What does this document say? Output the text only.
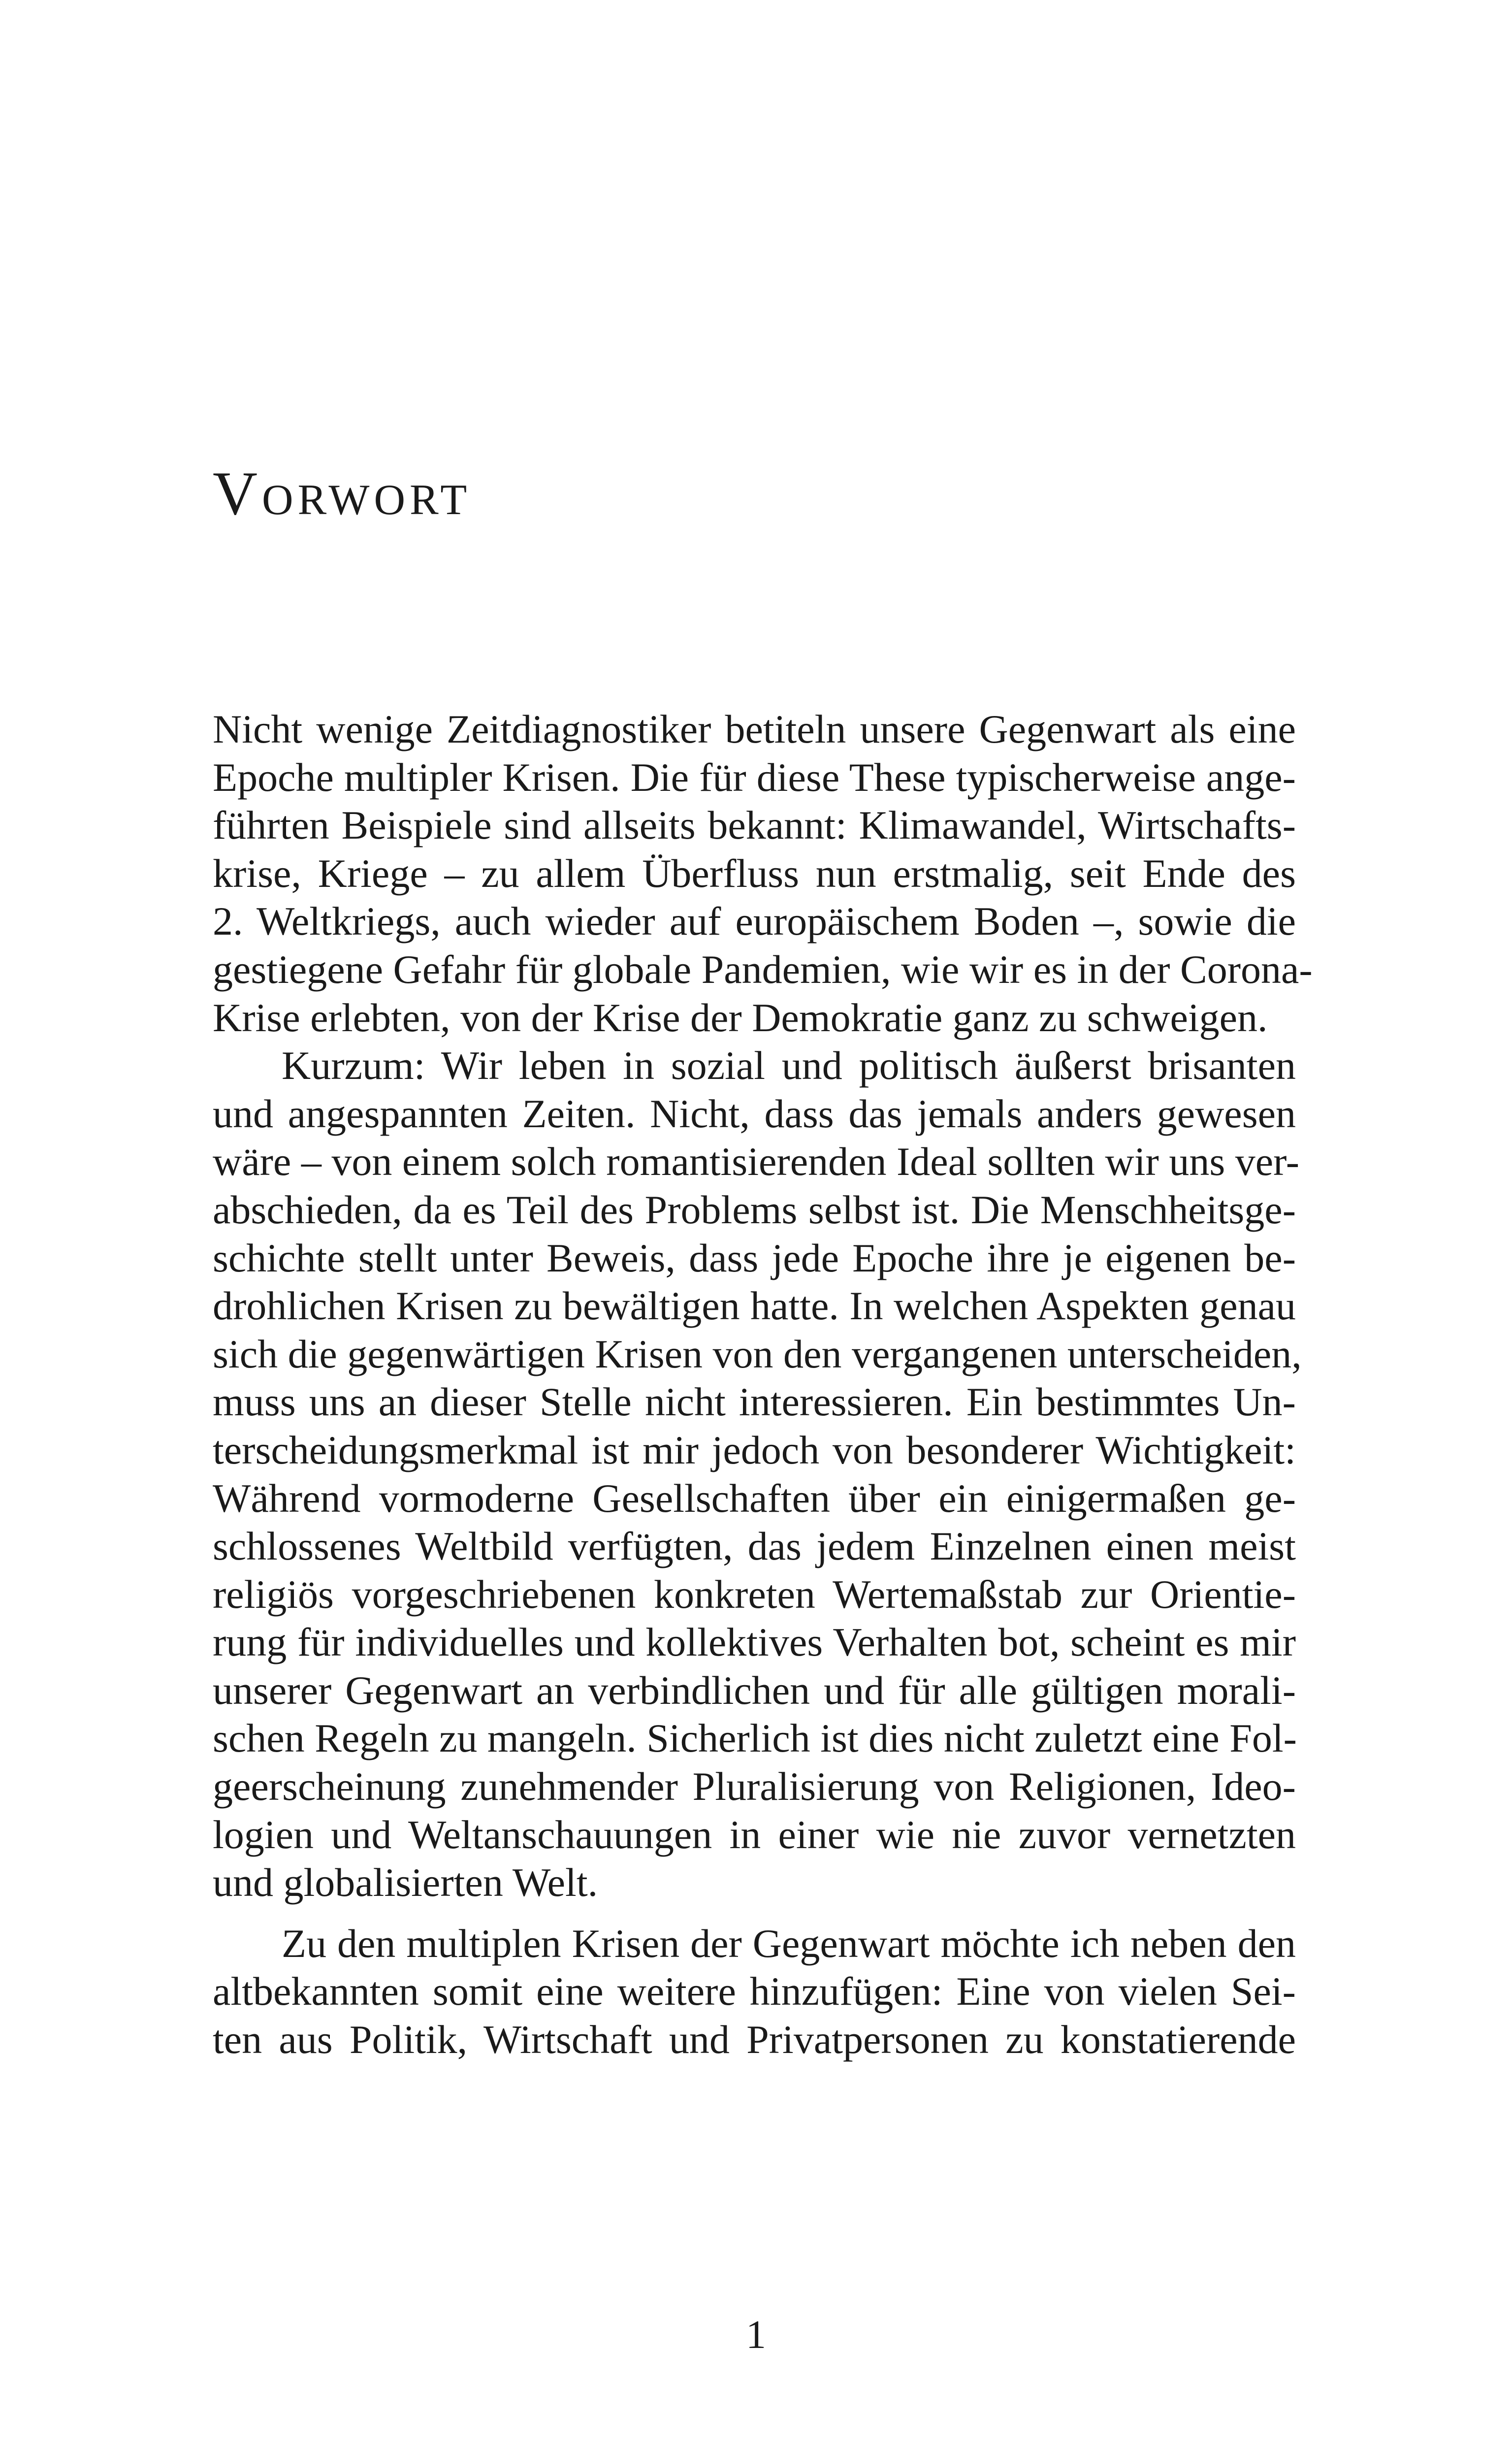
Vorwort
Nicht wenige Zeitdiagnostiker betiteln unsere Gegenwart als eine
Epoche multipler Krisen. Die für diese These typischerweise ange-
führten Beispiele sind allseits bekannt: Klimawandel, Wirtschafts-
krise, Kriege – zu allem Überfluss nun erstmalig, seit Ende des
2. Weltkriegs, auch wieder auf europäischem Boden –, sowie die
gestiegene Gefahr für globale Pandemien, wie wir es in der Corona-
Krise erlebten, von der Krise der Demokratie ganz zu schweigen.
Kurzum: Wir leben in sozial und politisch äußerst brisanten
und angespannten Zeiten. Nicht, dass das jemals anders gewesen
wäre – von einem solch romantisierenden Ideal sollten wir uns ver-
abschieden, da es Teil des Problems selbst ist. Die Menschheitsge-
schichte stellt unter Beweis, dass jede Epoche ihre je eigenen be-
drohlichen Krisen zu bewältigen hatte. In welchen Aspekten genau
sich die gegenwärtigen Krisen von den vergangenen unterscheiden,
muss uns an dieser Stelle nicht interessieren. Ein bestimmtes Un-
terscheidungsmerkmal ist mir jedoch von besonderer Wichtigkeit:
Während vormoderne Gesellschaften über ein einigermaßen ge-
schlossenes Weltbild verfügten, das jedem Einzelnen einen meist
religiös vorgeschriebenen konkreten Wertemaßstab zur Orientie-
rung für individuelles und kollektives Verhalten bot, scheint es mir
unserer Gegenwart an verbindlichen und für alle gültigen morali-
schen Regeln zu mangeln. Sicherlich ist dies nicht zuletzt eine Fol-
geerscheinung zunehmender Pluralisierung von Religionen, Ideo-
logien und Weltanschauungen in einer wie nie zuvor vernetzten
und globalisierten Welt.
Zu den multiplen Krisen der Gegenwart möchte ich neben den
altbekannten somit eine weitere hinzufügen: Eine von vielen Sei-
ten aus Politik, Wirtschaft und Privatpersonen zu konstatierende
1
